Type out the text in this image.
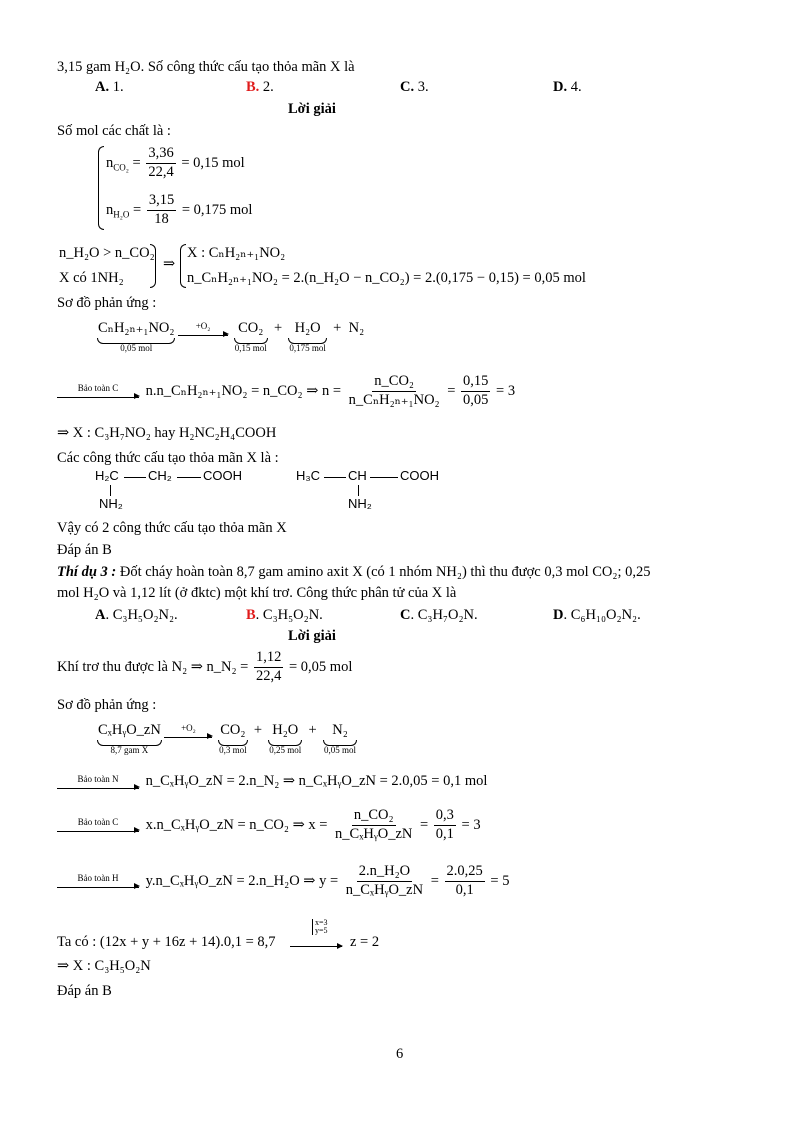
3,15 gam H₂O. Số công thức cấu tạo thỏa mãn X là
A. 1.	B. 2.	C. 3.	D. 4.
Lời giải
Số mol các chất là :
$n_{CO_2} = \frac{3,36}{22,4} = 0,15$ mol
$n_{H_2O} = \frac{3,15}{18} = 0,175$ mol
n_H₂O > n_CO₂
X có 1NH₂
⇒
X : CₙH₂ₙ₊₁NO₂
n_CₙH₂ₙ₊₁NO₂ = 2.(n_H₂O − n_CO₂) = 2.(0,175 − 0,15) = 0,05 mol
Sơ đồ phản ứng :
CₙH₂ₙ₊₁NO₂
0,05 mol

+O₂
CO₂
0,15 mol
+ H₂O
0,175 mol
+  N₂
Bảo toàn C n.n_CₙH₂ₙ₊₁NO₂ = n_CO₂ ⇒ $n = \frac{\text{n\_CO₂}}{\text{n\_CₙH₂ₙ₊₁NO₂}} = \frac{0,15}{0,05} = 3$
⇒ X : C₃H₇NO₂ hay H₂NC₂H₄COOH
Các công thức cấu tạo thỏa mãn X là :
H₂C CH₂ COOH
NH₂
H₃C CH	COOH
NH₂
Vậy có 2 công thức cấu tạo thỏa mãn X
Đáp án B
Thí dụ 3 : Đốt cháy hoàn toàn 8,7 gam amino axit X (có 1 nhóm NH₂) thì thu được 0,3 mol CO₂; 0,25
mol H₂O và 1,12 lít (ở đktc) một khí trơ. Công thức phân tử của X là
A. C₃H₅O₂N₂.	B. C₃H₅O₂N.	C. C₃H₇O₂N.	D. C₆H₁₀O₂N₂.
Lời giải
Khí trơ thu được là N₂ ⇒ n_N₂ = $\frac{1,12}{22,4} = 0,05$ mol
Sơ đồ phản ứng :
CₓHᵧO_zN
8,7 gam X

+O₂
CO₂
0,3 mol
+ H₂O
0,25 mol
+ N₂
0,05 mol
Bảo toàn N n_CₓHᵧO_zN = 2.n_N₂ ⇒ n_CₓHᵧO_zN = 2.0,05 = 0,1 mol
Bảo toàn C x.n_CₓHᵧO_zN = n_CO₂ ⇒ $x = \frac{\text{n\_CO₂}}{\text{n\_CₓHᵧO\_zN}} = \frac{0,3}{0,1} = 3$
Bảo toàn H y.n_CₓHᵧO_zN = 2.n_H₂O ⇒ $y = \frac{\text{2.n\_H₂O}}{\text{n\_CₓHᵧO\_zN}} = \frac{2.0,25}{0,1} = 5$
Ta có : (12x + y + 16z + 14).0,1 = 8,7
x=3
y=5
z = 2
⇒ X : C₃H₅O₂N
Đáp án B
6
